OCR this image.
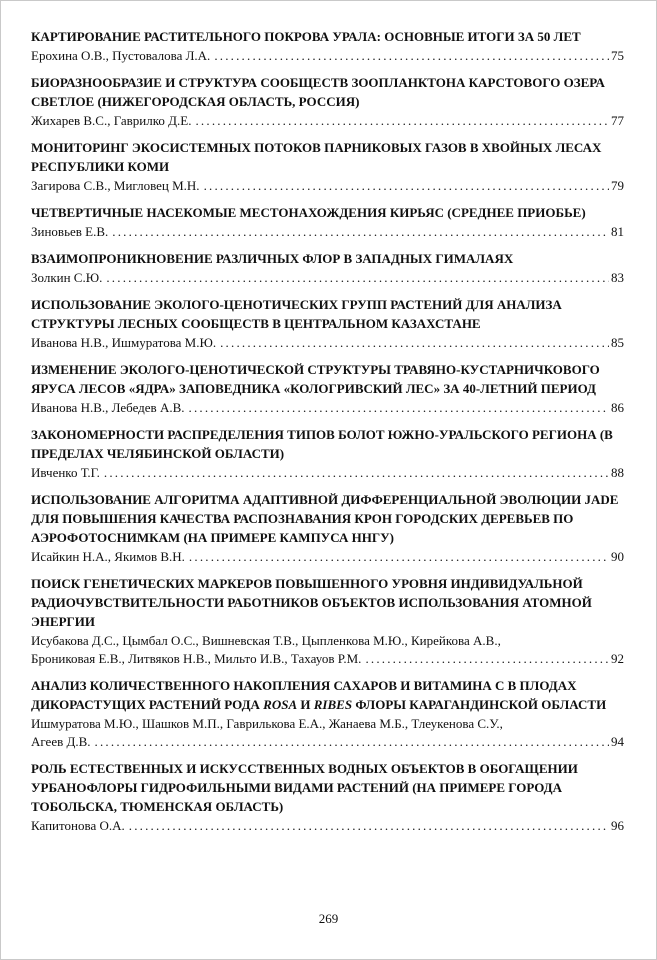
КАРТИРОВАНИЕ РАСТИТЕЛЬНОГО ПОКРОВА УРАЛА: ОСНОВНЫЕ ИТОГИ ЗА 50 ЛЕТ

Ерохина О.В., Пустовалова Л.А. .....	75

БИОРАЗНООБРАЗИЕ И СТРУКТУРА СООБЩЕСТВ ЗООПЛАНКТОНА КАРСТОВОГО ОЗЕРА СВЕТЛОЕ (НИЖЕГОРОДСКАЯ ОБЛАСТЬ, РОССИЯ)

Жихарев В.С., Гаврилко Д.Е. .....	77

МОНИТОРИНГ ЭКОСИСТЕМНЫХ ПОТОКОВ ПАРНИКОВЫХ ГАЗОВ В ХВОЙНЫХ ЛЕСАХ РЕСПУБЛИКИ КОМИ

Загирова С.В., Мигловец М.Н. .....	79

ЧЕТВЕРТИЧНЫЕ НАСЕКОМЫЕ МЕСТОНАХОЖДЕНИЯ КИРЬЯС (СРЕДНЕЕ ПРИОБЬЕ)

Зиновьев Е.В. .....	81

ВЗАИМОПРОНИКНОВЕНИЕ РАЗЛИЧНЫХ ФЛОР В ЗАПАДНЫХ ГИМАЛАЯХ

Золкин С.Ю. .....	83

ИСПОЛЬЗОВАНИЕ ЭКОЛОГО-ЦЕНОТИЧЕСКИХ ГРУПП РАСТЕНИЙ ДЛЯ АНАЛИЗА СТРУКТУРЫ ЛЕСНЫХ СООБЩЕСТВ В ЦЕНТРАЛЬНОМ КАЗАХСТАНЕ

Иванова Н.В., Ишмуратова М.Ю. .....	85

ИЗМЕНЕНИЕ ЭКОЛОГО-ЦЕНОТИЧЕСКОЙ СТРУКТУРЫ ТРАВЯНО-КУСТАРНИЧКОВОГО ЯРУСА ЛЕСОВ «ЯДРА» ЗАПОВЕДНИКА «КОЛОГРИВСКИЙ ЛЕС» ЗА 40-ЛЕТНИЙ ПЕРИОД

Иванова Н.В., Лебедев А.В. .....	86

ЗАКОНОМЕРНОСТИ РАСПРЕДЕЛЕНИЯ ТИПОВ БОЛОТ ЮЖНО-УРАЛЬСКОГО РЕГИОНА (В ПРЕДЕЛАХ ЧЕЛЯБИНСКОЙ ОБЛАСТИ)

Ивченко Т.Г. .....	88

ИСПОЛЬЗОВАНИЕ АЛГОРИТМА АДАПТИВНОЙ ДИФФЕРЕНЦИАЛЬНОЙ ЭВОЛЮЦИИ JADE ДЛЯ ПОВЫШЕНИЯ КАЧЕСТВА РАСПОЗНАВАНИЯ КРОН ГОРОДСКИХ ДЕРЕВЬЕВ ПО АЭРОФОТОСНИМКАМ (НА ПРИМЕРЕ КАМПУСА ННГУ)

Исайкин Н.А., Якимов В.Н. .....	90

ПОИСК ГЕНЕТИЧЕСКИХ МАРКЕРОВ ПОВЫШЕННОГО УРОВНЯ ИНДИВИДУАЛЬНОЙ РАДИОЧУВСТВИТЕЛЬНОСТИ РАБОТНИКОВ ОБЪЕКТОВ ИСПОЛЬЗОВАНИЯ АТОМНОЙ ЭНЕРГИИ

Исубакова Д.С., Цымбал О.С., Вишневская Т.В., Цыпленкова М.Ю., Кирейкова А.В.,
Брониковая Е.В., Литвяков Н.В., Мильто И.В., Тахауов Р.М. .....	92

АНАЛИЗ КОЛИЧЕСТВЕННОГО НАКОПЛЕНИЯ САХАРОВ И ВИТАМИНА С В ПЛОДАХ ДИКОРАСТУЩИХ РАСТЕНИЙ РОДА ROSA И RIBES ФЛОРЫ КАРАГАНДИНСКОЙ ОБЛАСТИ

Ишмуратова М.Ю., Шашков М.П., Гаврилькова Е.А., Жанаева М.Б., Тлеукенова С.У.,
Агеев Д.В. .....	94

РОЛЬ ЕСТЕСТВЕННЫХ И ИСКУССТВЕННЫХ ВОДНЫХ ОБЪЕКТОВ В ОБОГАЩЕНИИ УРБАНОФЛОРЫ ГИДРОФИЛЬНЫМИ ВИДАМИ РАСТЕНИЙ (НА ПРИМЕРЕ ГОРОДА ТОБОЛЬСКА, ТЮМЕНСКАЯ ОБЛАСТЬ)

Капитонова О.А. .....	96
269
